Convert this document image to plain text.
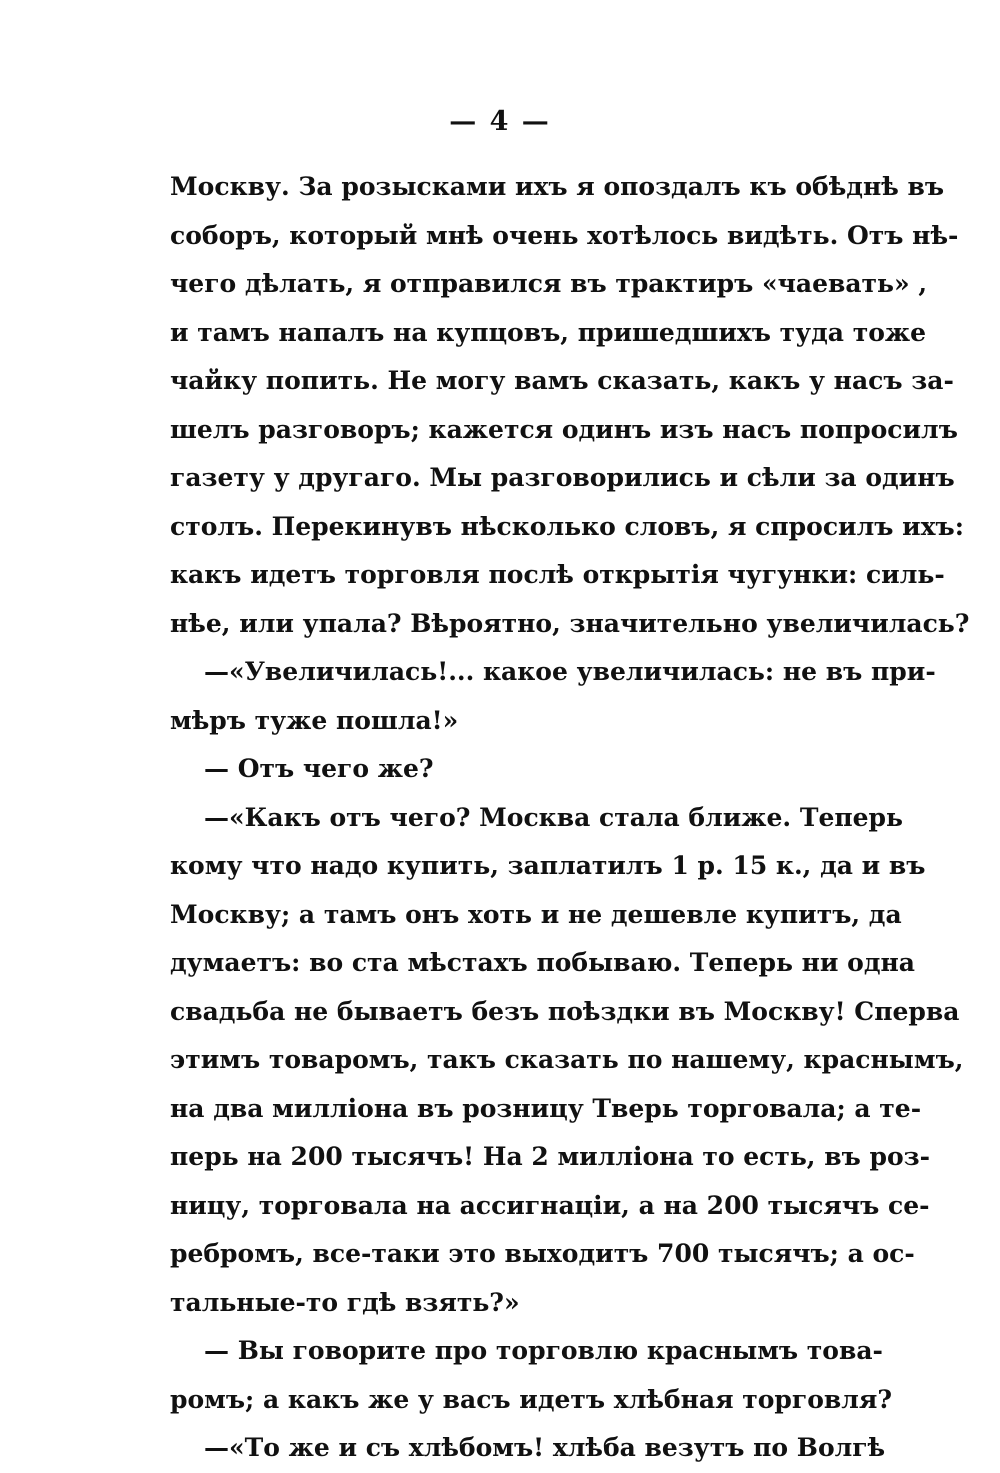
— 4 —
Москву. За розысками ихъ я опоздалъ къ обѣднѣ въ
соборъ, который мнѣ очень хотѣлось видѣть. Отъ нѣ-
чего дѣлать, я отправился въ трактиръ «чаевать» ,
и тамъ напалъ на купцовъ, пришедшихъ туда тоже
чайку попить. Не могу вамъ сказать, какъ у насъ за-
шелъ разговоръ; кажется одинъ изъ насъ попросилъ
газету у другаго. Мы разговорились и сѣли за одинъ
столъ. Перекинувъ нѣсколько словъ, я спросилъ ихъ:
какъ идетъ торговля послѣ открытія чугунки: силь-
нѣе, или упала? Вѣроятно, значительно увеличилась?
—«Увеличилась!... какое увеличилась: не въ при-
мѣръ туже пошла!»
— Отъ чего же?
—«Какъ отъ чего? Москва стала ближе. Теперь
кому что надо купить, заплатилъ 1 р. 15 к., да и въ
Москву; а тамъ онъ хоть и не дешевле купитъ, да
думаетъ: во ста мѣстахъ побываю. Теперь ни одна
свадьба не бываетъ безъ поѣздки въ Москву! Сперва
этимъ товаромъ, такъ сказать по нашему, краснымъ,
на два милліона въ розницу Тверь торговала; а те-
перь на 200 тысячъ! На 2 милліона то есть, въ роз-
ницу, торговала на ассигнаціи, а на 200 тысячъ се-
ребромъ, все-таки это выходитъ 700 тысячъ; а ос-
тальные-то гдѣ взять?»
— Вы говорите про торговлю краснымъ това-
ромъ; а какъ же у васъ идетъ хлѣбная торговля?
—«То же и съ хлѣбомъ! хлѣба везутъ по Волгѣ
